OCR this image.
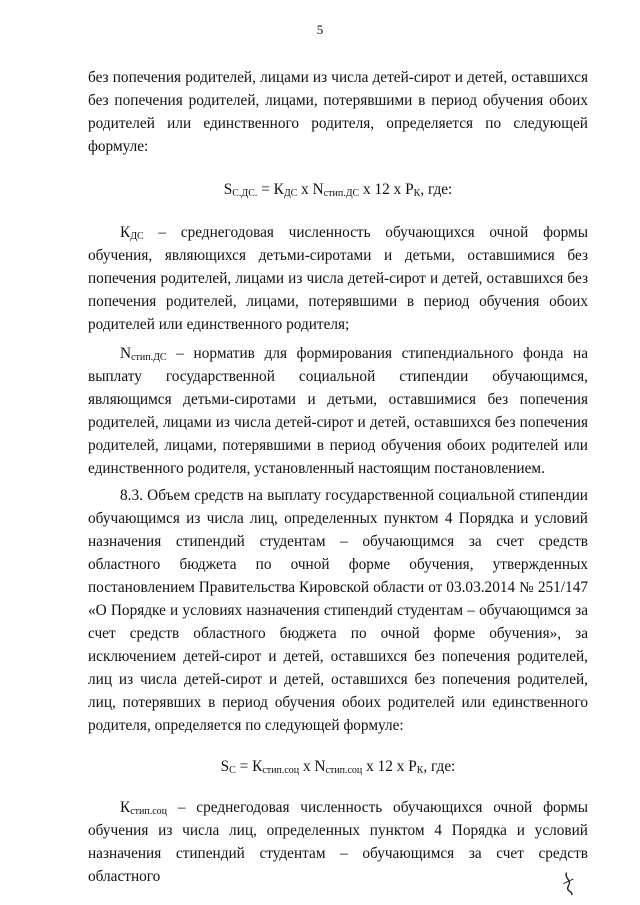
5

без попечения родителей, лицами из числа детей-сирот и детей, оставшихся без попечения родителей, лицами, потерявшими в период обучения обоих родителей или единственного родителя, определяется по следующей формуле:

$S_{С.ДС.} = К_{ДС}$ x $N_{стип.ДС}$ x 12 x $P_К$, где:

$К_{ДС}$ – среднегодовая численность обучающихся очной формы обучения, являющихся детьми-сиротами и детьми, оставшимися без попечения родителей, лицами из числа детей-сирот и детей, оставшихся без попечения родителей, лицами, потерявшими в период обучения обоих родителей или единственного родителя;

$N_{стип.ДС}$ – норматив для формирования стипендиального фонда на выплату государственной социальной стипендии обучающимся, являющимся детьми-сиротами и детьми, оставшимися без попечения родителей, лицами из числа детей-сирот и детей, оставшихся без попечения родителей, лицами, потерявшими в период обучения обоих родителей или единственного родителя, установленный настоящим постановлением.

8.3. Объем средств на выплату государственной социальной стипендии обучающимся из числа лиц, определенных пунктом 4 Порядка и условий назначения стипендий студентам – обучающимся за счет средств областного бюджета по очной форме обучения, утвержденных постановлением Правительства Кировской области от 03.03.2014 № 251/147 «О Порядке и условиях назначения стипендий студентам – обучающимся за счет средств областного бюджета по очной форме обучения», за исключением детей-сирот и детей, оставшихся без попечения родителей, лиц из числа детей-сирот и детей, оставшихся без попечения родителей, лиц, потерявших в период обучения обоих родителей или единственного родителя, определяется по следующей формуле:

$S_С = К_{стип.соц}$ x $N_{стип.соц}$ x 12 x $Р_К$, где:

$К_{стип.соц}$ – среднегодовая численность обучающихся очной формы обучения из числа лиц, определенных пунктом 4 Порядка и условий назначения стипендий студентам – обучающимся за счет средств областного
